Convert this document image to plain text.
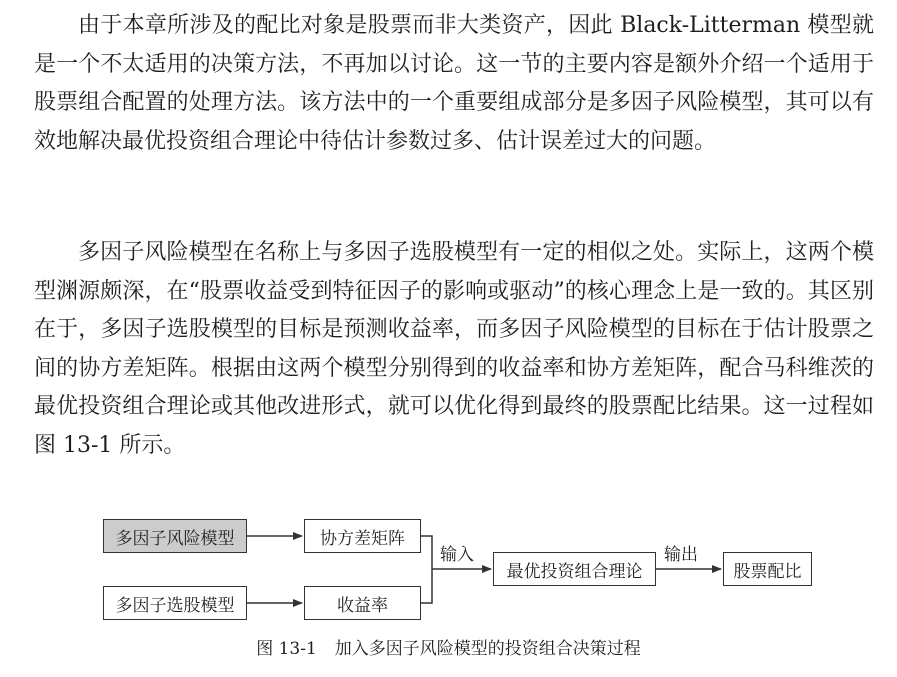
由于本章所涉及的配比对象是股票而非大类资产，因此 Black-Litterman 模型就是一个不太适用的决策方法，不再加以讨论。这一节的主要内容是额外介绍一个适用于股票组合配置的处理方法。该方法中的一个重要组成部分是多因子风险模型，其可以有效地解决最优投资组合理论中待估计参数过多、估计误差过大的问题。

多因子风险模型在名称上与多因子选股模型有一定的相似之处。实际上，这两个模型渊源颇深，在“股票收益受到特征因子的影响或驱动”的核心理念上是一致的。其区别在于，多因子选股模型的目标是预测收益率，而多因子风险模型的目标在于估计股票之间的协方差矩阵。根据由这两个模型分别得到的收益率和协方差矩阵，配合马科维茨的最优投资组合理论或其他改进形式，就可以优化得到最终的股票配比结果。这一过程如图 13-1 所示。

多因子风险模型	协方差矩阵
多因子选股模型	收益率
最优投资组合理论	股票配比
输入	输出
图 13-1 加入多因子风险模型的投资组合决策过程
